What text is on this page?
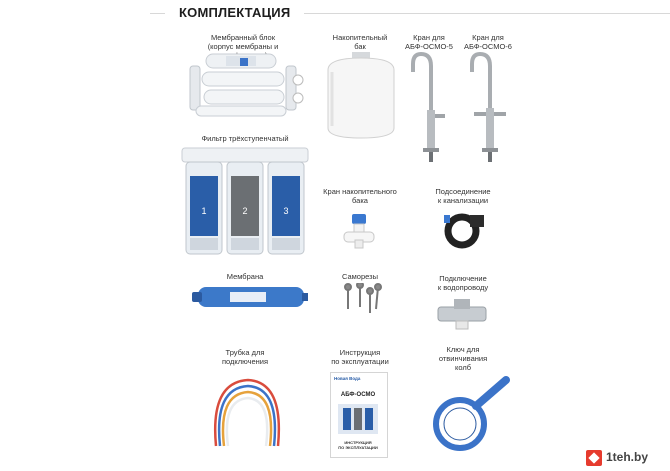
КОМПЛЕКТАЦИЯ
Мембранный блок
(корпус мембраны и
Накопительный
бак
Кран для
АБФ-ОСМО-5
Кран для
АБФ-ОСМО-6
Фильтр трёхступенчатый
1	2	3
Кран накопительного
бака
Подсоединение
к канализации
Мембрана	Саморезы	Подключение
к водопроводу
Трубка для
подключения
Инструкция
по эксплуатации
Новая Вода
АБФ-ОСМО
ИНСТРУКЦИЯ
ПО ЭКСПЛУАТАЦИИ
Ключ для
отвинчивания
колб
1teh.by
